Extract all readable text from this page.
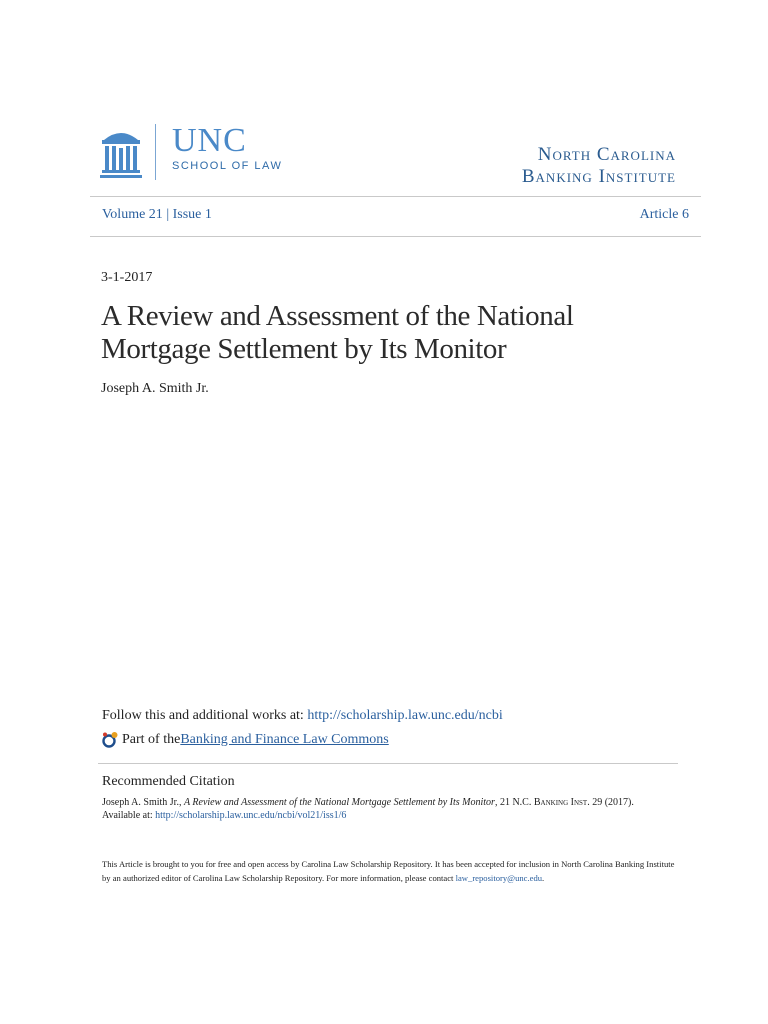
UNC
SCHOOL OF LAW
North Carolina
Banking Institute
Volume 21 | Issue 1	Article 6
3-1-2017
A Review and Assessment of the National Mortgage Settlement by Its Monitor
Joseph A. Smith Jr.
Follow this and additional works at: http://scholarship.law.unc.edu/ncbi
Part of the Banking and Finance Law Commons
Recommended Citation
Joseph A. Smith Jr., A Review and Assessment of the National Mortgage Settlement by Its Monitor, 21 N.C. Banking Inst. 29 (2017).
Available at: http://scholarship.law.unc.edu/ncbi/vol21/iss1/6
This Article is brought to you for free and open access by Carolina Law Scholarship Repository. It has been accepted for inclusion in North Carolina Banking Institute by an authorized editor of Carolina Law Scholarship Repository. For more information, please contact law_repository@unc.edu.
